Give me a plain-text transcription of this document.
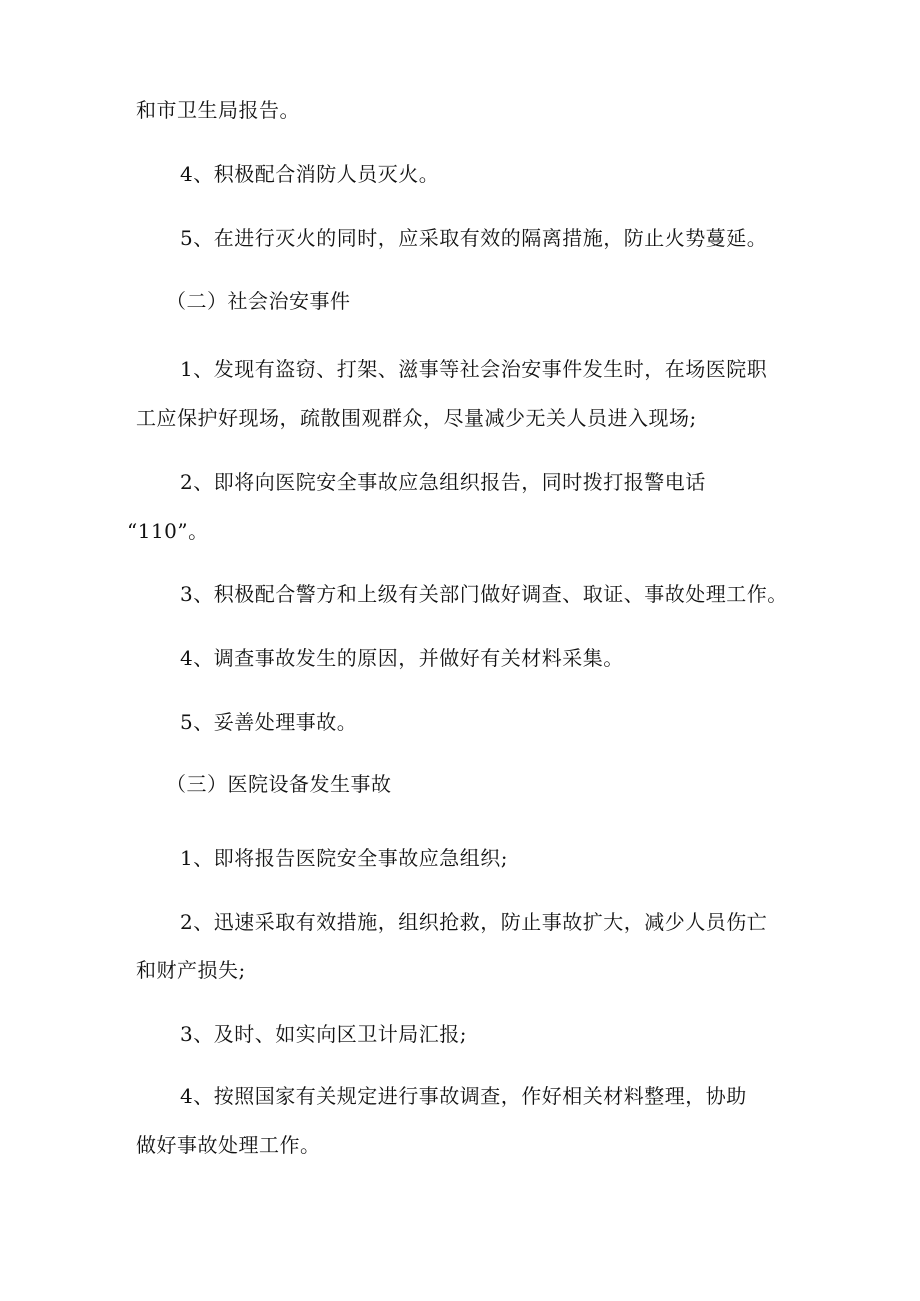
和市卫生局报告。
4、积极配合消防人员灭火。
5、在进行灭火的同时，应采取有效的隔离措施，防止火势蔓延。
（二）社会治安事件
1、发现有盗窃、打架、滋事等社会治安事件发生时，在场医院职
工应保护好现场，疏散围观群众，尽量减少无关人员进入现场;
2、即将向医院安全事故应急组织报告，同时拨打报警电话
“110”。
3、积极配合警方和上级有关部门做好调查、取证、事故处理工作。
4、调查事故发生的原因，并做好有关材料采集。
5、妥善处理事故。
（三）医院设备发生事故
1、即将报告医院安全事故应急组织;
2、迅速采取有效措施，组织抢救，防止事故扩大，减少人员伤亡
和财产损失;
3、及时、如实向区卫计局汇报;
4、按照国家有关规定进行事故调查，作好相关材料整理，协助
做好事故处理工作。
